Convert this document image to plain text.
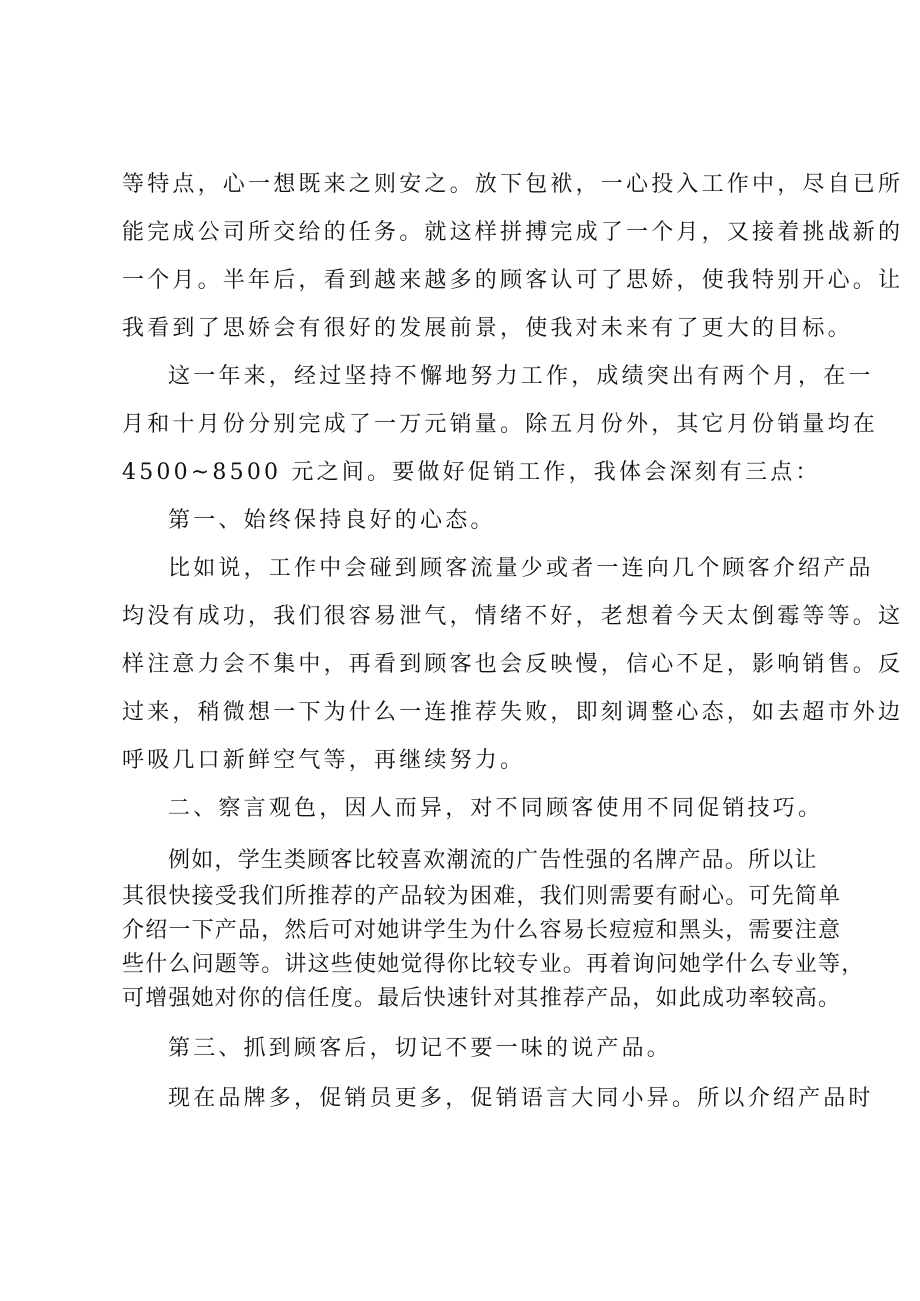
等特点，心一想既来之则安之。放下包袱，一心投入工作中，尽自已所
能完成公司所交给的任务。就这样拼搏完成了一个月，又接着挑战新的
一个月。半年后，看到越来越多的顾客认可了思娇，使我特别开心。让
我看到了思娇会有很好的发展前景，使我对未来有了更大的目标。
这一年来，经过坚持不懈地努力工作，成绩突出有两个月，在一
月和十月份分别完成了一万元销量。除五月份外，其它月份销量均在
4500~8500 元之间。要做好促销工作，我体会深刻有三点：
第一、始终保持良好的心态。
比如说，工作中会碰到顾客流量少或者一连向几个顾客介绍产品
均没有成功，我们很容易泄气，情绪不好，老想着今天太倒霉等等。这
样注意力会不集中，再看到顾客也会反映慢，信心不足，影响销售。反
过来，稍微想一下为什么一连推荐失败，即刻调整心态，如去超市外边
呼吸几口新鲜空气等，再继续努力。
二、察言观色，因人而异，对不同顾客使用不同促销技巧。
例如，学生类顾客比较喜欢潮流的广告性强的名牌产品。所以让
其很快接受我们所推荐的产品较为困难，我们则需要有耐心。可先简单
介绍一下产品，然后可对她讲学生为什么容易长痘痘和黑头，需要注意
些什么问题等。讲这些使她觉得你比较专业。再着询问她学什么专业等，
可增强她对你的信任度。最后快速针对其推荐产品，如此成功率较高。
第三、抓到顾客后，切记不要一味的说产品。
现在品牌多，促销员更多，促销语言大同小异。所以介绍产品时
